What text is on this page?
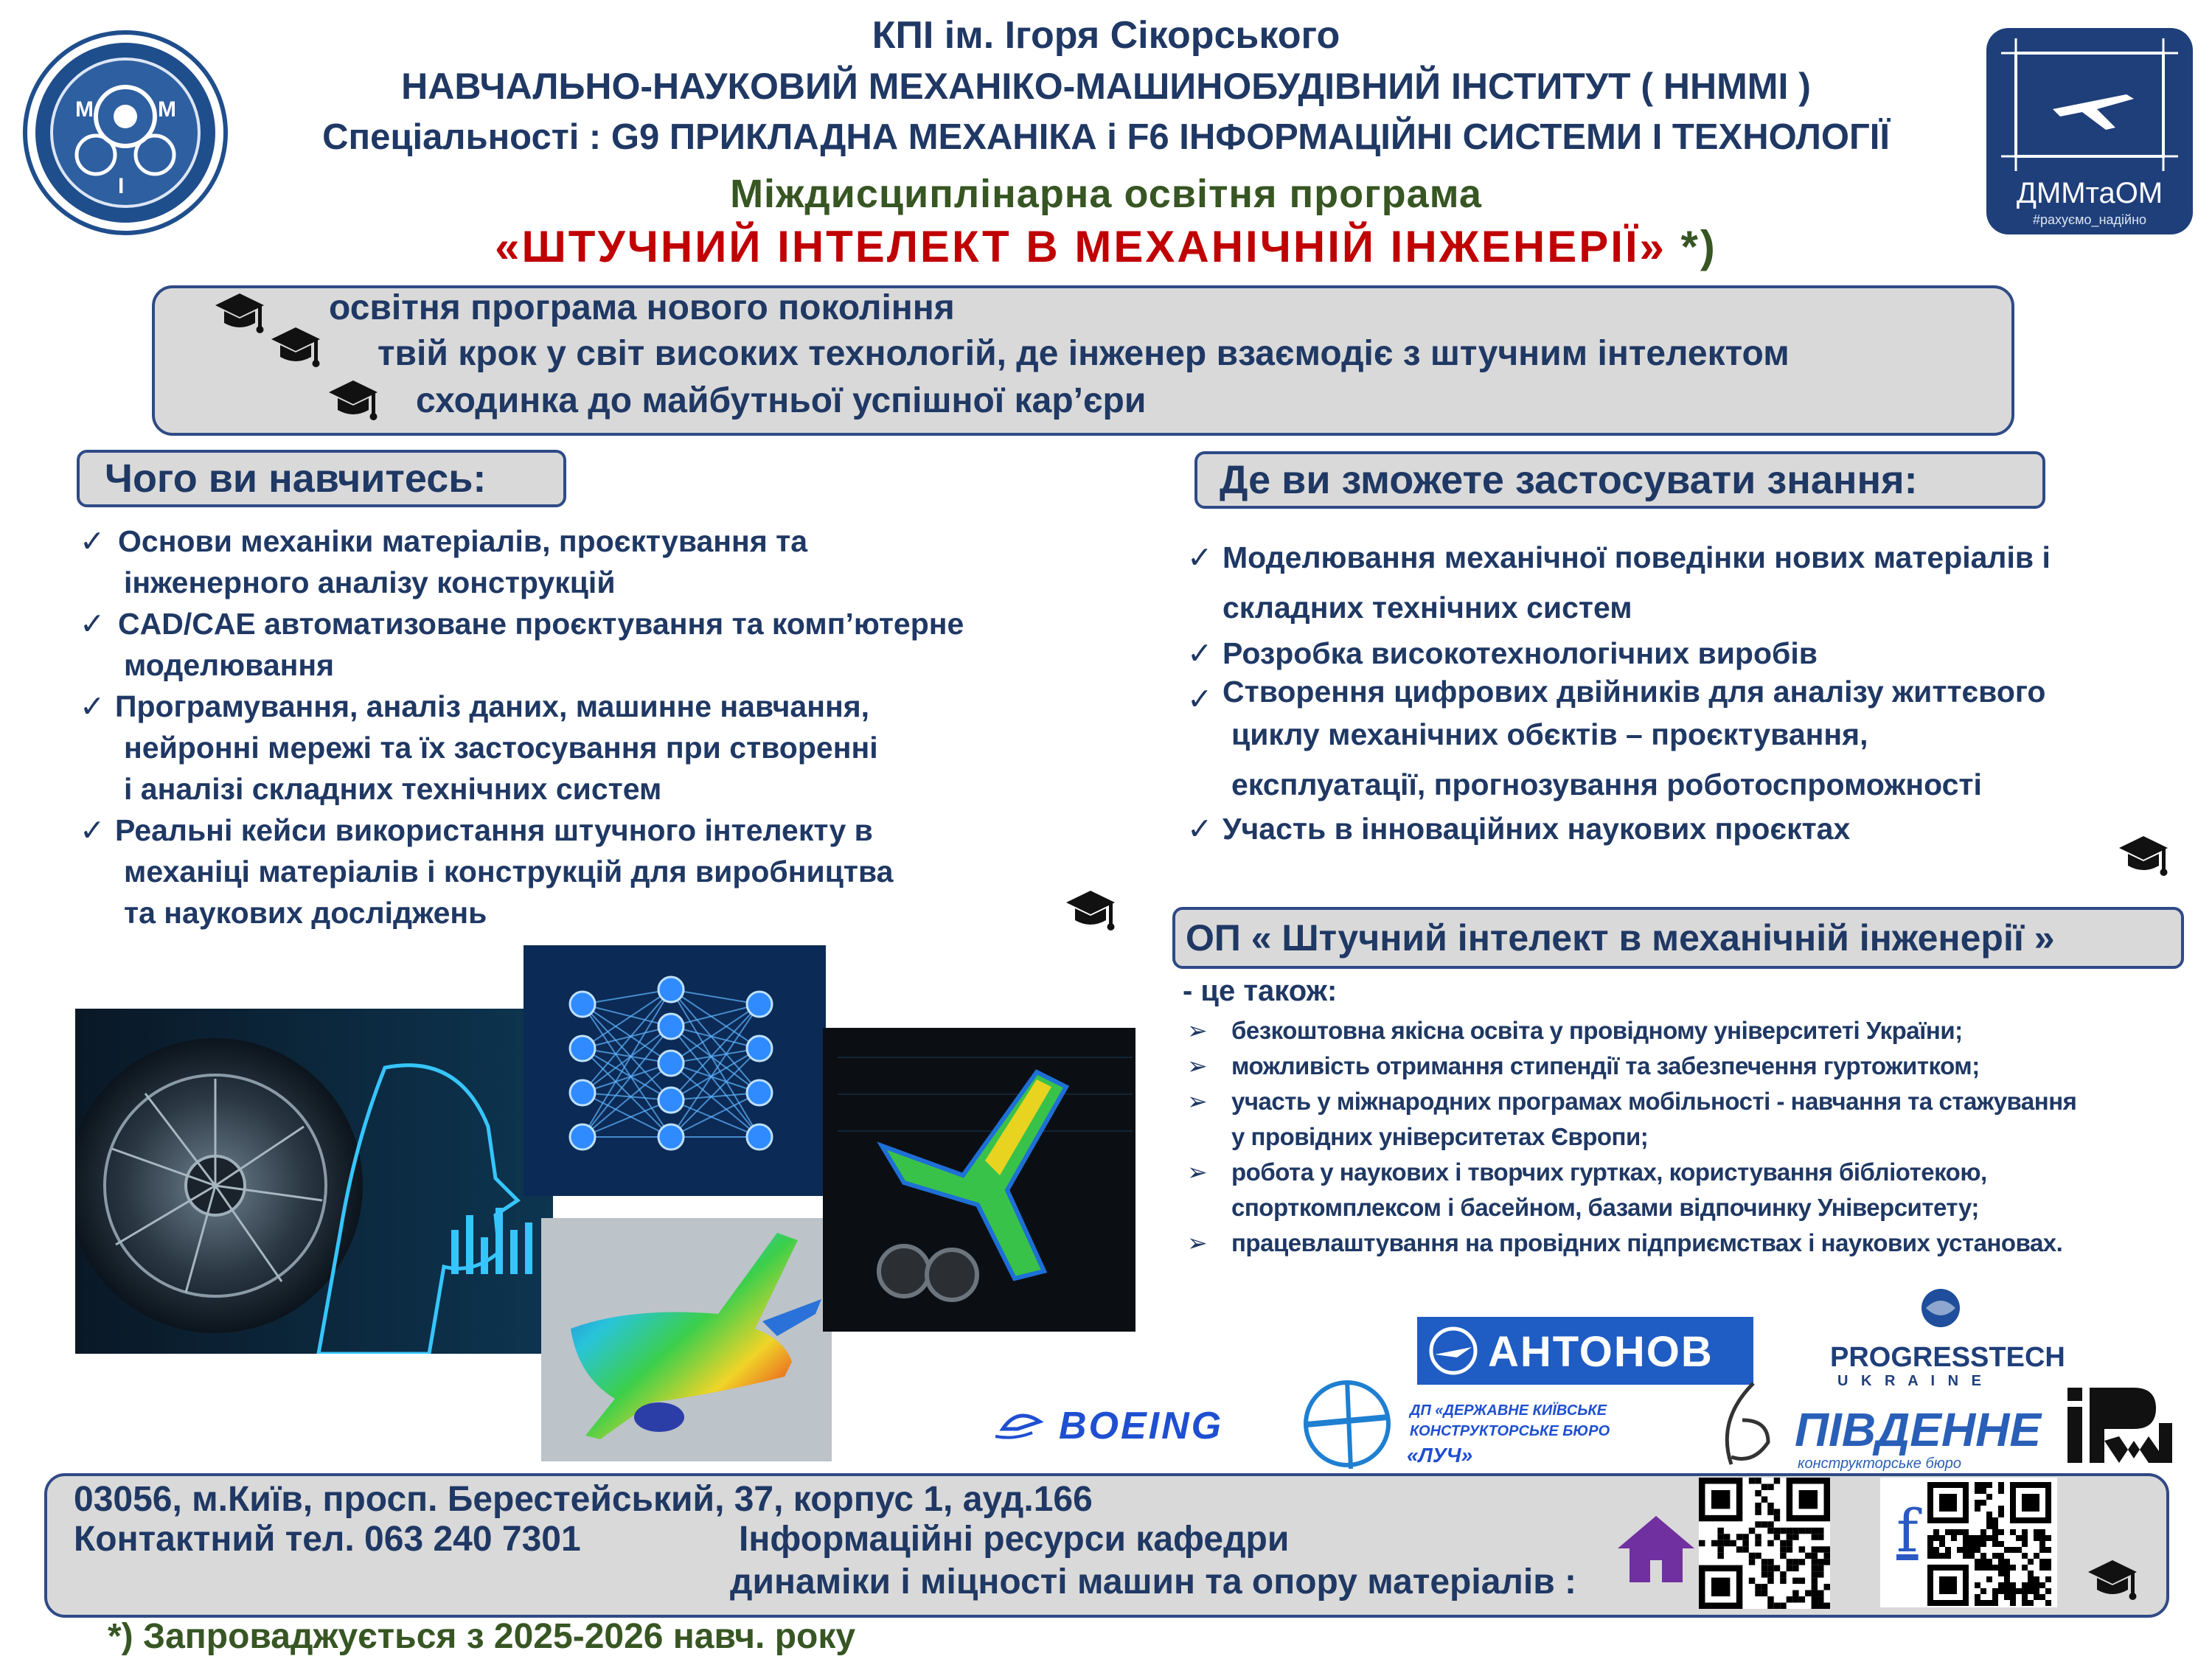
КПІ ім. Ігоря Сікорського
НАВЧАЛЬНО-НАУКОВИЙ МЕХАНІКО-МАШИНОБУДІВНИЙ ІНСТИТУТ ( ННММІ )
Спеціальності : G9 ПРИКЛАДНА МЕХАНІКА і F6 ІНФОРМАЦІЙНІ СИСТЕМИ І ТЕХНОЛОГІЇ
Міждисциплінарна освітня програма
«ШТУЧНИЙ ІНТЕЛЕКТ В МЕХАНІЧНІЙ ІНЖЕНЕРІЇ» *)
М	М
І	ДММтаОМ
#рахуємо_надійно
освітня програма нового покоління
твій крок у світ високих технологій, де інженер взаємодіє з штучним інтелектом
сходинка до майбутньої успішної кар’єри
Чого ви навчитесь:
✓ Основи механіки матеріалів, проєктування та
інженерного аналізу конструкцій
✓ CAD/CAE автоматизоване проєктування та комп’ютерне
моделювання
✓ Програмування, аналіз даних, машинне навчання,
нейронні мережі та їх застосування при створенні
і аналізі складних технічних систем
✓ Реальні кейси використання штучного інтелекту в
механіці матеріалів і конструкцій для виробництва
та наукових досліджень
Де ви зможете застосувати знання:
✓ Моделювання механічної поведінки нових матеріалів і
складних технічних систем
✓ Розробка високотехнологічних виробів
✓ Створення цифрових двійників для аналізу життєвого
циклу механічних обєктів – проєктування,
експлуатації, прогнозування роботоспроможності
✓ Участь в інноваційних наукових проєктах
ОП « Штучний інтелект в механічній інженерії »
- це також:
➢ безкоштовна якісна освіта у провідному університеті України;
➢ можливість отримання стипендії та забезпечення гуртожитком;
➢ участь у міжнародних програмах мобільності - навчання та стажування
у провідних університетах Європи;
➢ робота у наукових і творчих гуртках, користування бібліотекою,
спорткомплексом і басейном, базами відпочинку Університету;
➢ працевлаштування на провідних підприємствах і наукових установах.
АНТОНОВ	PROGRESSTECH
U K R A I N E
BOEING	ДП «ДЕРЖАВНЕ КИЇВСЬКЕ
КОНСТРУКТОРСЬКЕ БЮРО
«ЛУЧ»	ПІВДЕННЕ
конструкторське бюро
03056, м.Київ, просп. Берестейський, 37, корпус 1, ауд.166
Контактний тел. 063 240 7301	Інформаційні ресурси кафедри
динаміки і міцності машин та опору матеріалів :
f
*) Запроваджується з 2025-2026 навч. року
